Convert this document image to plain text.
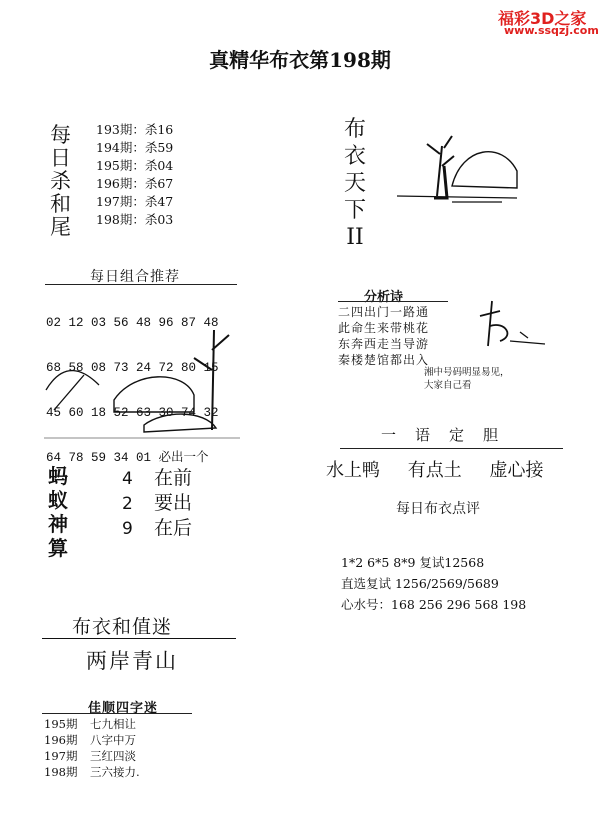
福彩3D之家
www.ssqzj.com
真精华布衣第198期
每
日
杀
和
尾
193期：杀16
194期：杀59
195期：杀04
196期：杀67
197期：杀47
198期：杀03
布
衣
天
下
II
每日组合推荐

02 12 03 56 48 96 87 48

68 58 08 73 24 72 80 15

45 60 18 52 63 30 74 32

64 78 59 34 01 必出一个

分析诗
二四出门一路通
此命生来带桃花
东奔西走当导游
秦楼楚馆都出入
湘中号码明显易见，
大家自己看
一语定胆
水上鸭 有点土 虚心接
每日布衣点评
1*2 6*5 8*9 复试12568
直选复试 1256/2569/5689
心水号：168 256 296 568 198
蚂
蚁
神
算
4 在前
2 要出
9 在后
布衣和值迷
两岸青山
佳顺四字迷
195期 七九相让
196期 八字中万
197期 三红四淡
198期 三六接力.
